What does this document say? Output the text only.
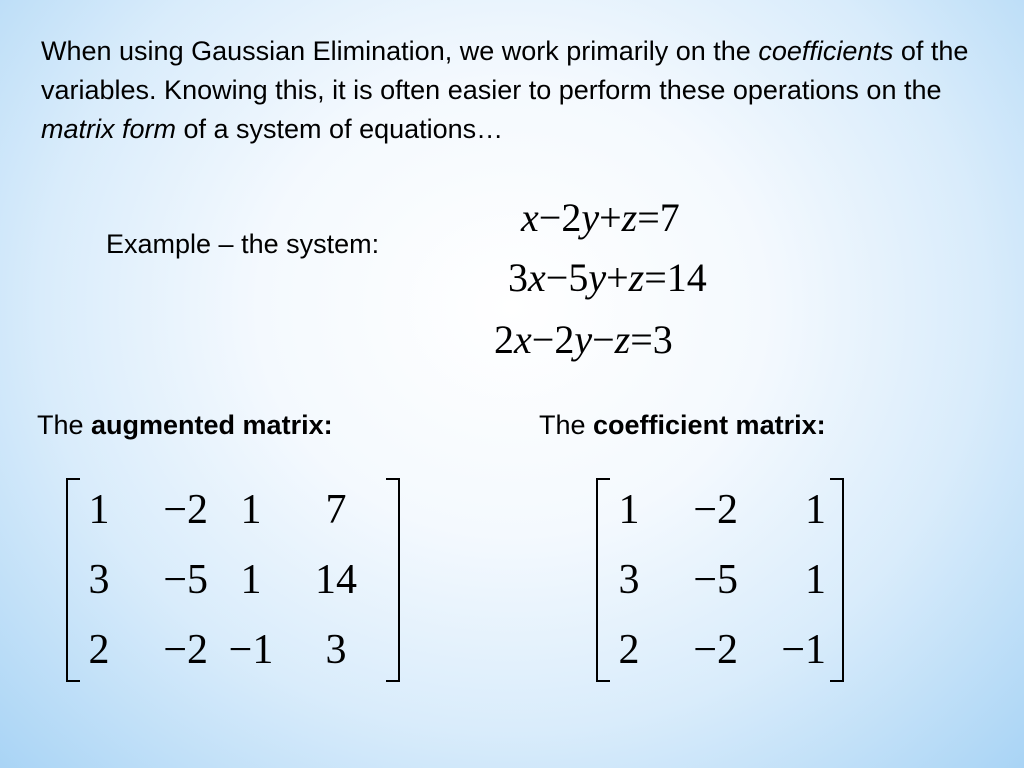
When using Gaussian Elimination, we work primarily on the coefficients of the variables. Knowing this, it is often easier to perform these operations on the matrix form of a system of equations…

Example – the system:

x−2y+z=7
3x−5y+z=14
2x−2y−z=3

The augmented matrix:	The coefficient matrix:

1	−2	1	7
3	−5	1	14
2	−2	−1	3
1	−2	1
3	−5	1
2	−2	−1
